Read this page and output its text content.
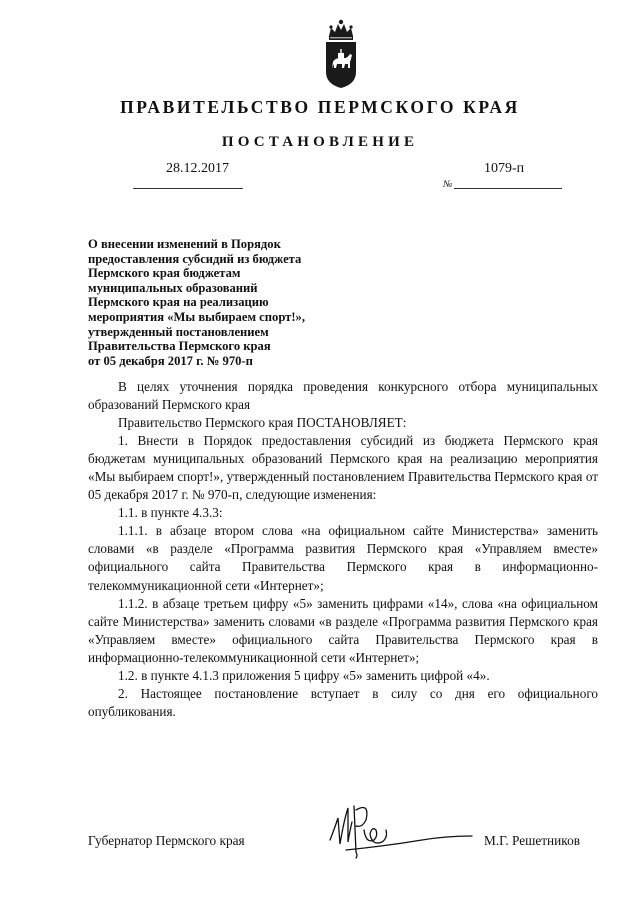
ПРАВИТЕЛЬСТВО ПЕРМСКОГО КРАЯ
ПОСТАНОВЛЕНИЕ
28.12.2017	1079-п
№
О внесении изменений в Порядок
предоставления субсидий из бюджета
Пермского края бюджетам
муниципальных образований
Пермского края на реализацию
мероприятия «Мы выбираем спорт!»,
утвержденный постановлением
Правительства Пермского края
от 05 декабря 2017 г. № 970-п
В целях уточнения порядка проведения конкурсного отбора муниципальных образований Пермского края
Правительство Пермского края ПОСТАНОВЛЯЕТ:
1. Внести в Порядок предоставления субсидий из бюджета Пермского края бюджетам муниципальных образований Пермского края на реализацию мероприятия «Мы выбираем спорт!», утвержденный постановлением Правительства Пермского края от 05 декабря 2017 г. № 970-п, следующие изменения:
1.1. в пункте 4.3.3:
1.1.1. в абзаце втором слова «на официальном сайте Министерства» заменить словами «в разделе «Программа развития Пермского края «Управляем вместе» официального сайта Правительства Пермского края в информационно-телекоммуникационной сети «Интернет»;
1.1.2. в абзаце третьем цифру «5» заменить цифрами «14», слова «на официальном сайте Министерства» заменить словами «в разделе «Программа развития Пермского края «Управляем вместе» официального сайта Правительства Пермского края в информационно-телекоммуникационной сети «Интернет»;
1.2. в пункте 4.1.3 приложения 5 цифру «5» заменить цифрой «4».
2. Настоящее постановление вступает в силу со дня его официального опубликования.
Губернатор Пермского края	М.Г. Решетников
